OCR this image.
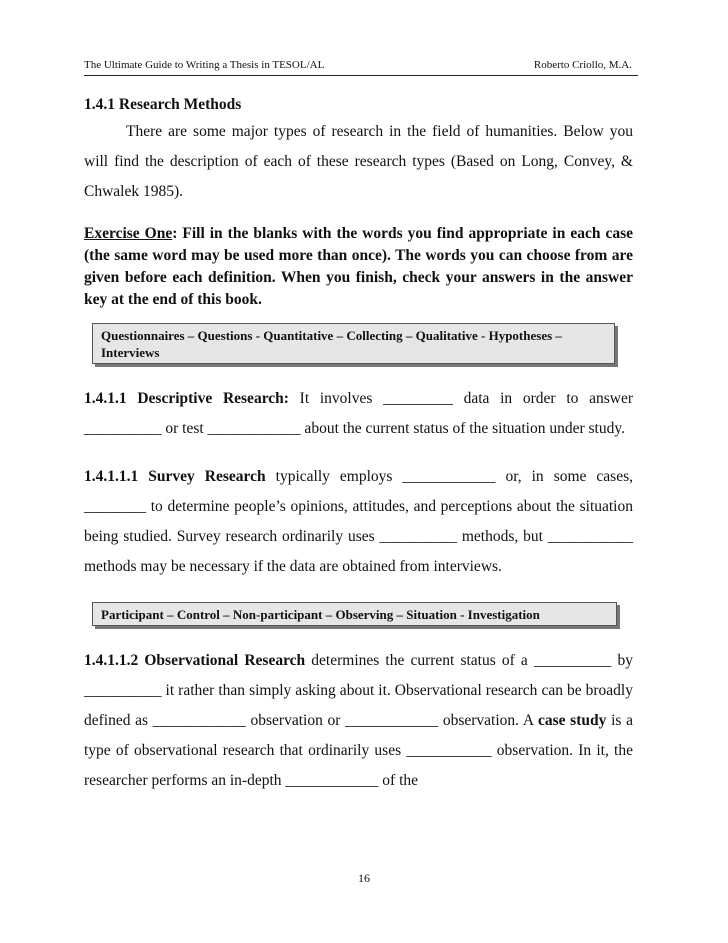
The Ultimate Guide to Writing a Thesis in TESOL/AL	Roberto Criollo, M.A.
1.4.1 Research Methods

There are some major types of research in the field of humanities. Below you will find the description of each of these research types (Based on Long, Convey, & Chwalek 1985).

Exercise One: Fill in the blanks with the words you find appropriate in each case (the same word may be used more than once). The words you can choose from are given before each definition. When you finish, check your answers in the answer key at the end of this book.
Questionnaires – Questions - Quantitative – Collecting – Qualitative - Hypotheses – Interviews

1.4.1.1 Descriptive Research: It involves _________ data in order to answer __________ or test ____________ about the current status of the situation under study.

1.4.1.1.1 Survey Research typically employs ____________ or, in some cases, ________ to determine people’s opinions, attitudes, and perceptions about the situation being studied. Survey research ordinarily uses __________ methods, but ___________ methods may be necessary if the data are obtained from interviews.

Participant – Control – Non-participant – Observing – Situation - Investigation

1.4.1.1.2 Observational Research determines the current status of a __________ by __________ it rather than simply asking about it. Observational research can be broadly defined as ____________ observation or ____________ observation. A case study is a type of observational research that ordinarily uses ___________ observation. In it, the researcher performs an in-depth ____________ of the

16
